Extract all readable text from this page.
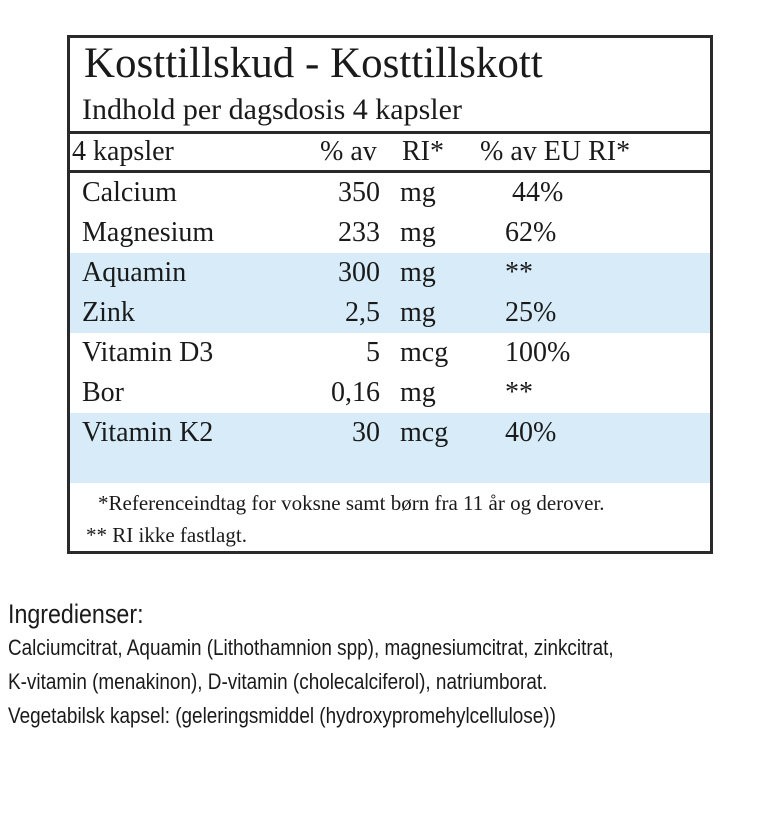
Kosttillskud - Kosttillskott
Indhold per dagsdosis 4 kapsler
4 kapsler	% av RI* % av EU RI*
Calcium	350 mg 44%
Magnesium	233 mg 62%
Aquamin	300 mg **
Zink	2,5 mg 25%
Vitamin D3	5 mcg 100%
Bor	0,16 mg **
Vitamin K2	30 mcg 40%
*Referenceindtag for voksne samt børn fra 11 år og derover.
** RI ikke fastlagt.
Ingredienser:
Calciumcitrat, Aquamin (Lithothamnion spp), magnesiumcitrat, zinkcitrat,
K-vitamin (menakinon), D-vitamin (cholecalciferol), natriumborat.
Vegetabilsk kapsel: (geleringsmiddel (hydroxypromehylcellulose))
